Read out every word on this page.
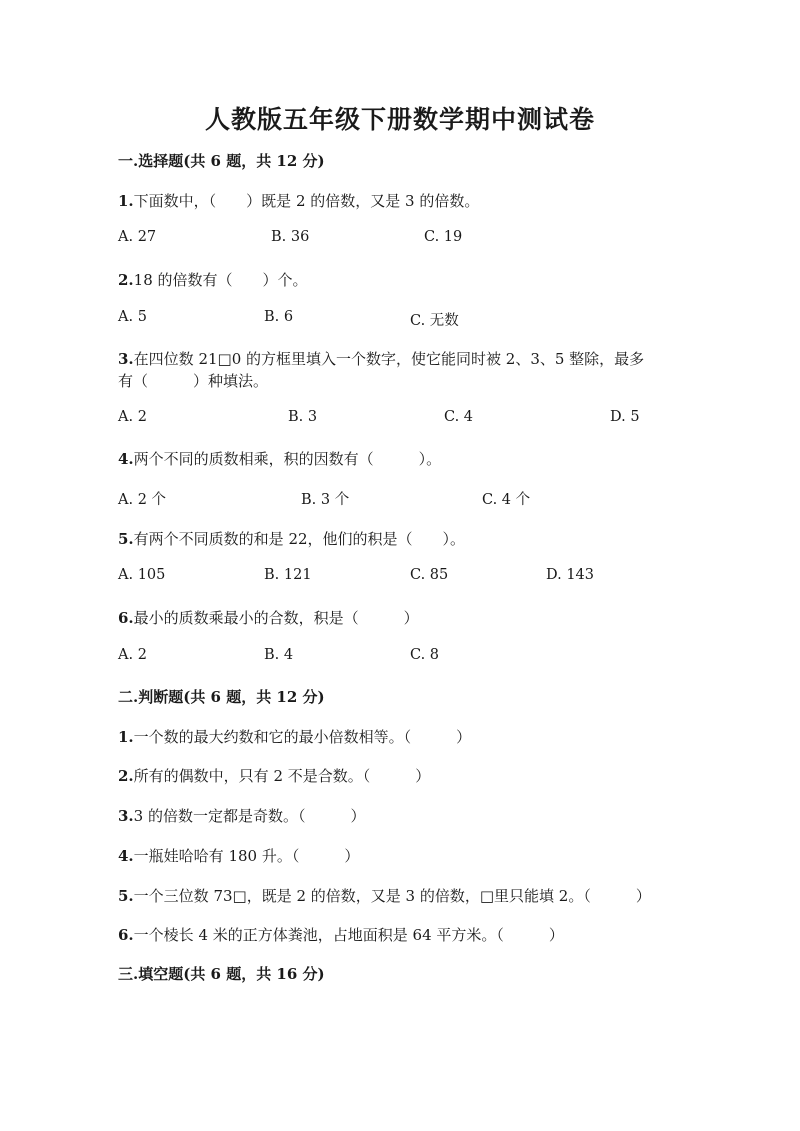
人教版五年级下册数学期中测试卷
一.选择题(共 6 题，共 12 分)
1.下面数中，（　　）既是 2 的倍数，又是 3 的倍数。
A. 27	B. 36	C. 19
2.18 的倍数有（　　）个。
A. 5	B. 6	C. 无数
3.在四位数 21□0 的方框里填入一个数字，使它能同时被 2、3、5 整除，最多
有（　　　）种填法。
A. 2	B. 3	C. 4	D. 5
4.两个不同的质数相乘，积的因数有（　　　）。
A. 2 个	B. 3 个	C. 4 个
5.有两个不同质数的和是 22，他们的积是（　　）。
A. 105	B. 121	C. 85	D. 143
6.最小的质数乘最小的合数，积是（　　　）
A. 2	B. 4	C. 8
二.判断题(共 6 题，共 12 分)
1.一个数的最大约数和它的最小倍数相等。（　　　）
2.所有的偶数中，只有 2 不是合数。（　　　）
3.3 的倍数一定都是奇数。（　　　）
4.一瓶娃哈哈有 180 升。（　　　）
5.一个三位数 73□，既是 2 的倍数，又是 3 的倍数，□里只能填 2。（　　　）
6.一个棱长 4 米的正方体粪池，占地面积是 64 平方米。（　　　）
三.填空题(共 6 题，共 16 分)
